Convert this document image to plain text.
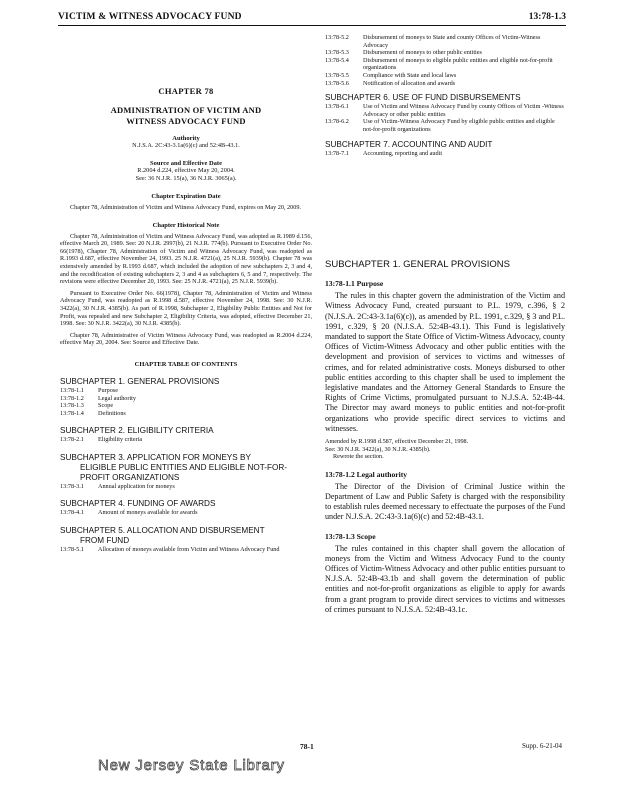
VICTIM & WITNESS ADVOCACY FUND	13:78-1.3
CHAPTER 78
ADMINISTRATION OF VICTIM AND
WITNESS ADVOCACY FUND
Authority
N.J.S.A. 2C:43-3.1a(6)(c) and 52:4B-43.1.
Source and Effective Date
R.2004 d.224, effective May 20, 2004.
See: 36 N.J.R. 15(a), 36 N.J.R. 3065(a).
Chapter Expiration Date
Chapter 78, Administration of Victim and Witness Advocacy Fund, expires on May 20, 2009.
Chapter Historical Note
Chapter 78, Administration of Victim and Witness Advocacy Fund, was adopted as R.1989 d.156, effective March 20, 1989. See: 20 N.J.R. 2997(b), 21 N.J.R. 774(b). Pursuant to Executive Order No. 66(1978), Chapter 78, Administration of Victim and Witness Advocacy Fund, was readopted as R.1993 d.687, effective November 24, 1993. 25 N.J.R. 4721(a), 25 N.J.R. 5939(b). Chapter 78 was extensively amended by R.1993 d.687, which included the adoption of new subchapters 2, 3 and 4, and the recodification of existing subchapters 2, 3 and 4 as subchapters 6, 5 and 7, respectively. The revisions were effective December 20, 1993. See: 25 N.J.R. 4721(a), 25 N.J.R. 5939(b).
Pursuant to Executive Order No. 66(1978), Chapter 78, Administration of Victim and Witness Advocacy Fund, was readopted as R.1998 d.587, effective November 24, 1998. See: 30 N.J.R. 3422(a), 30 N.J.R. 4385(b). As part of R.1998, Subchapter 2, Eligibility Public Entities and Not for Profit, was repealed and new Subchapter 2, Eligibility Criteria, was adopted, effective December 21, 1998. See: 30 N.J.R. 3422(a), 30 N.J.R. 4385(b).
Chapter 78, Administrative of Victim Witness Advocacy Fund, was readopted as R.2004 d.224, effective May 20, 2004. See: Source and Effective Date.
CHAPTER TABLE OF CONTENTS
SUBCHAPTER 1. GENERAL PROVISIONS
13:78-1.1	Purpose
13:78-1.2	Legal authority
13:78-1.3	Scope
13:78-1.4	Definitions
SUBCHAPTER 2. ELIGIBILITY CRITERIA
13:78-2.1	Eligibility criteria
SUBCHAPTER 3. APPLICATION FOR MONEYS BY
ELIGIBLE PUBLIC ENTITIES AND ELIGIBLE NOT-FOR-PROFIT ORGANIZATIONS
13:78-3.1	Annual application for moneys
SUBCHAPTER 4. FUNDING OF AWARDS
13:78-4.1	Amount of moneys available for awards
SUBCHAPTER 5. ALLOCATION AND DISBURSEMENT
FROM FUND
13:78-5.1	Allocation of moneys available from Victim and Witness Advocacy Fund
13:78-5.2	Disbursement of moneys to State and county Offices of Victim-Witness Advocacy
13:78-5.3	Disbursement of moneys to other public entities
13:78-5.4	Disbursement of moneys to eligible public entities and eligible not-for-profit organizations
13:78-5.5	Compliance with State and local laws
13:78-5.6	Notification of allocation and awards
SUBCHAPTER 6. USE OF FUND DISBURSEMENTS
13:78-6.1	Use of Victim and Witness Advocacy Fund by county Offices of Victim -Witness Advocacy or other public entities
13:78-6.2	Use of Victim-Witness Advocacy Fund by eligible public entities and eligible not-for-profit organizations
SUBCHAPTER 7. ACCOUNTING AND AUDIT
13:78-7.1	Accounting, reporting and audit
SUBCHAPTER 1. GENERAL PROVISIONS
13:78-1.1 Purpose
The rules in this chapter govern the administration of the Victim and Witness Advocacy Fund, created pursuant to P.L. 1979, c.396, § 2 (N.J.S.A. 2C:43-3.1a(6)(c)), as amended by P.L. 1991, c.329, § 3 and P.L. 1991, c.329, § 20 (N.J.S.A. 52:4B-43.1). This Fund is legislatively mandated to support the State Office of Victim-Witness Advocacy, county Offices of Victim-Witness Advocacy and other public entities with the development and provision of services to victims and witnesses of crimes, and for related administrative costs. Moneys disbursed to other public entities according to this chapter shall be used to implement the legislative mandates and the Attorney General Standards to Ensure the Rights of Crime Victims, promulgated pursuant to N.J.S.A. 52:4B-44. The Director may award moneys to public entities and not-for-profit organizations who provide specific direct services to victims and witnesses.
Amended by R.1998 d.587, effective December 21, 1998.
See: 30 N.J.R. 3422(a), 30 N.J.R. 4385(b).
Rewrote the section.
13:78-1.2 Legal authority
The Director of the Division of Criminal Justice within the Department of Law and Public Safety is charged with the responsibility to establish rules deemed necessary to effectuate the purposes of the Fund under N.J.S.A. 2C:43-3.1a(6)(c) and 52:4B-43.1.
13:78-1.3 Scope
The rules contained in this chapter shall govern the allocation of moneys from the Victim and Witness Advocacy Fund to the county Offices of Victim-Witness Advocacy and other public entities pursuant to N.J.S.A. 52:4B-43.1b and shall govern the determination of public entities and not-for-profit organizations as eligible to apply for awards from a grant program to provide direct services to victims and witnesses of crimes pursuant to N.J.S.A. 52:4B-43.1c.
78-1	Supp. 6-21-04
New Jersey State Library
